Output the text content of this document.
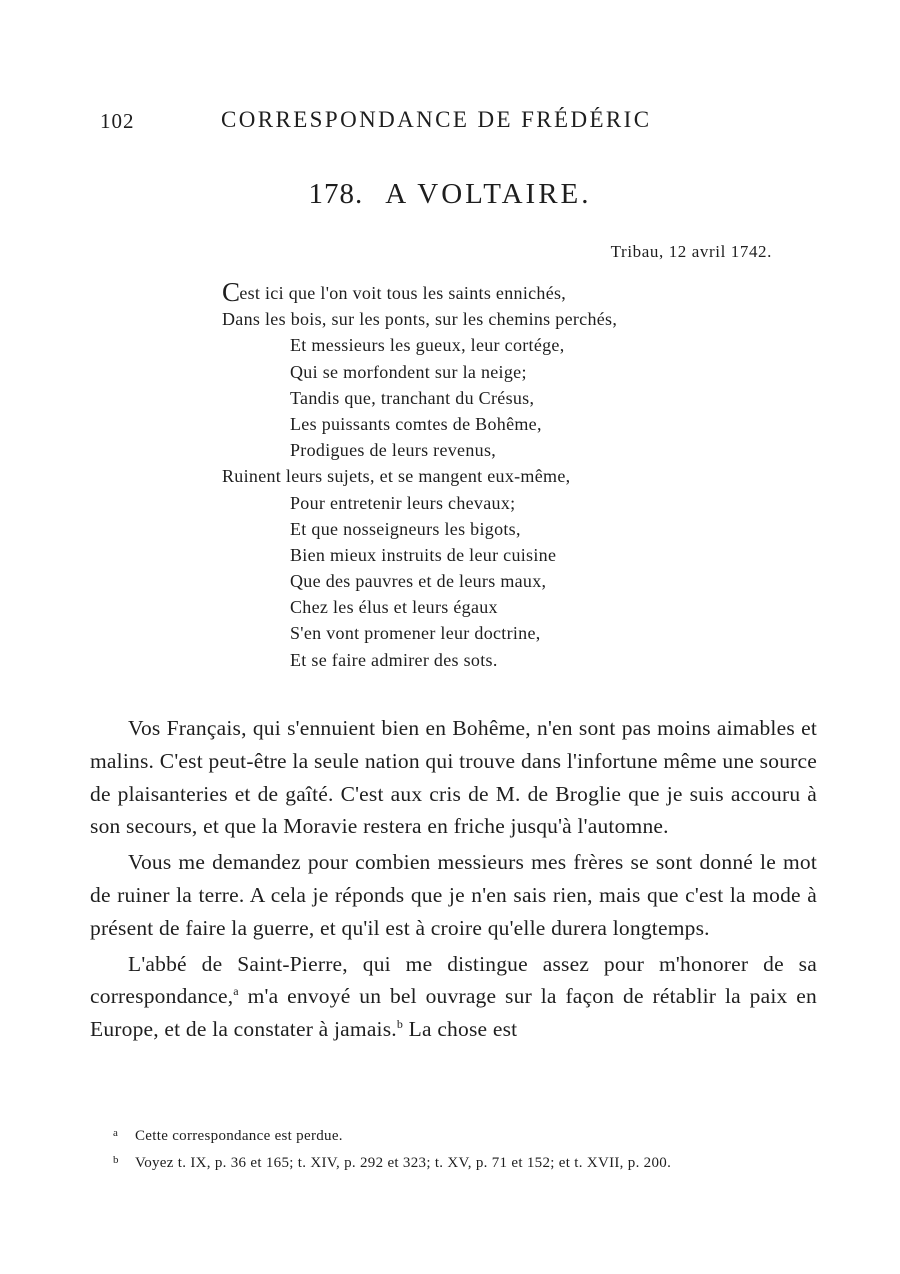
102	CORRESPONDANCE DE FRÉDÉRIC
178. A VOLTAIRE.
Tribau, 12 avril 1742.
Cest ici que l'on voit tous les saints ennichés,
Dans les bois, sur les ponts, sur les chemins perchés,
Et messieurs les gueux, leur cortége,
Qui se morfondent sur la neige;
Tandis que, tranchant du Crésus,
Les puissants comtes de Bohême,
Prodigues de leurs revenus,
Ruinent leurs sujets, et se mangent eux-même,
Pour entretenir leurs chevaux;
Et que nosseigneurs les bigots,
Bien mieux instruits de leur cuisine
Que des pauvres et de leurs maux,
Chez les élus et leurs égaux
S'en vont promener leur doctrine,
Et se faire admirer des sots.

Vos Français, qui s'ennuient bien en Bohême, n'en sont pas moins aimables et malins. C'est peut-être la seule nation qui trouve dans l'infortune même une source de plaisanteries et de gaîté. C'est aux cris de M. de Broglie que je suis accouru à son secours, et que la Moravie restera en friche jusqu'à l'automne.

Vous me demandez pour combien messieurs mes frères se sont donné le mot de ruiner la terre. A cela je réponds que je n'en sais rien, mais que c'est la mode à présent de faire la guerre, et qu'il est à croire qu'elle durera longtemps.

L'abbé de Saint-Pierre, qui me distingue assez pour m'honorer de sa correspondance,$^a$ m'a envoyé un bel ouvrage sur la façon de rétablir la paix en Europe, et de la constater à jamais.$^b$ La chose est

a Cette correspondance est perdue.
b Voyez t. IX, p. 36 et 165; t. XIV, p. 292 et 323; t. XV, p. 71 et 152; et t. XVII, p. 200.
